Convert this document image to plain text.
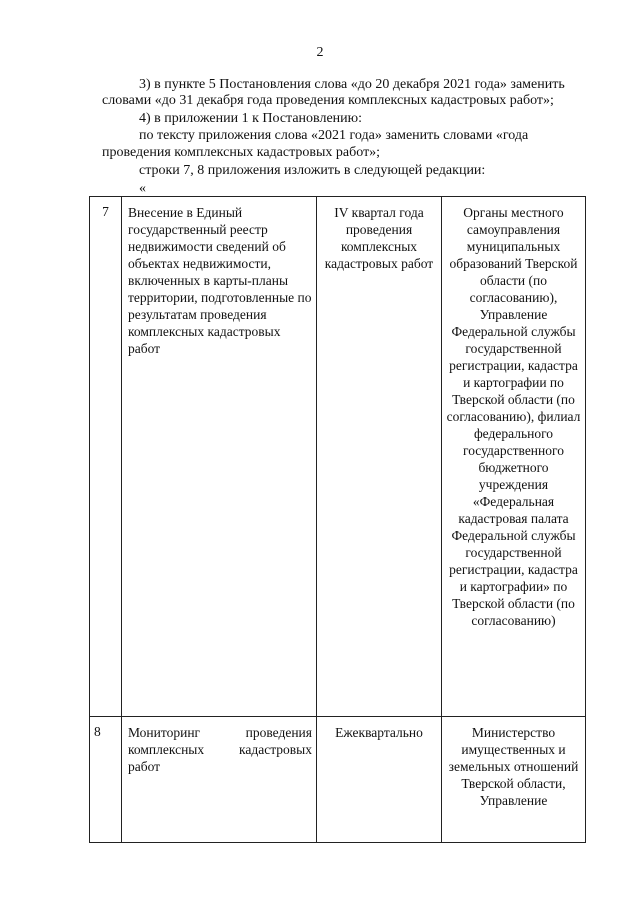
2
3) в пункте 5 Постановления слова «до 20 декабря 2021 года» заменить
словами «до 31 декабря года проведения комплексных кадастровых работ»;
4) в приложении 1 к Постановлению:
по тексту приложения слова «2021 года» заменить словами «года
проведения комплексных кадастровых работ»;
строки 7, 8 приложения изложить в следующей редакции:
«
7	Внесение в Единый государственный реестр недвижимости сведений об объектах недвижимости, включенных в карты-планы территории, подготовленные по результатам проведения комплексных кадастровых работ	IV квартал года проведения комплексных кадастровых работ	Органы местного самоуправления муниципальных образований Тверской области (по согласованию), Управление Федеральной службы государственной регистрации, кадастра и картографии по Тверской области (по согласованию), филиал федерального государственного бюджетного учреждения «Федеральная кадастровая палата Федеральной службы государственной регистрации, кадастра и картографии» по Тверской области (по согласованию)

8	Мониторинг проведения комплексных кадастровых работ	Ежеквартально	Министерство имущественных и земельных отношений Тверской области, Управление
